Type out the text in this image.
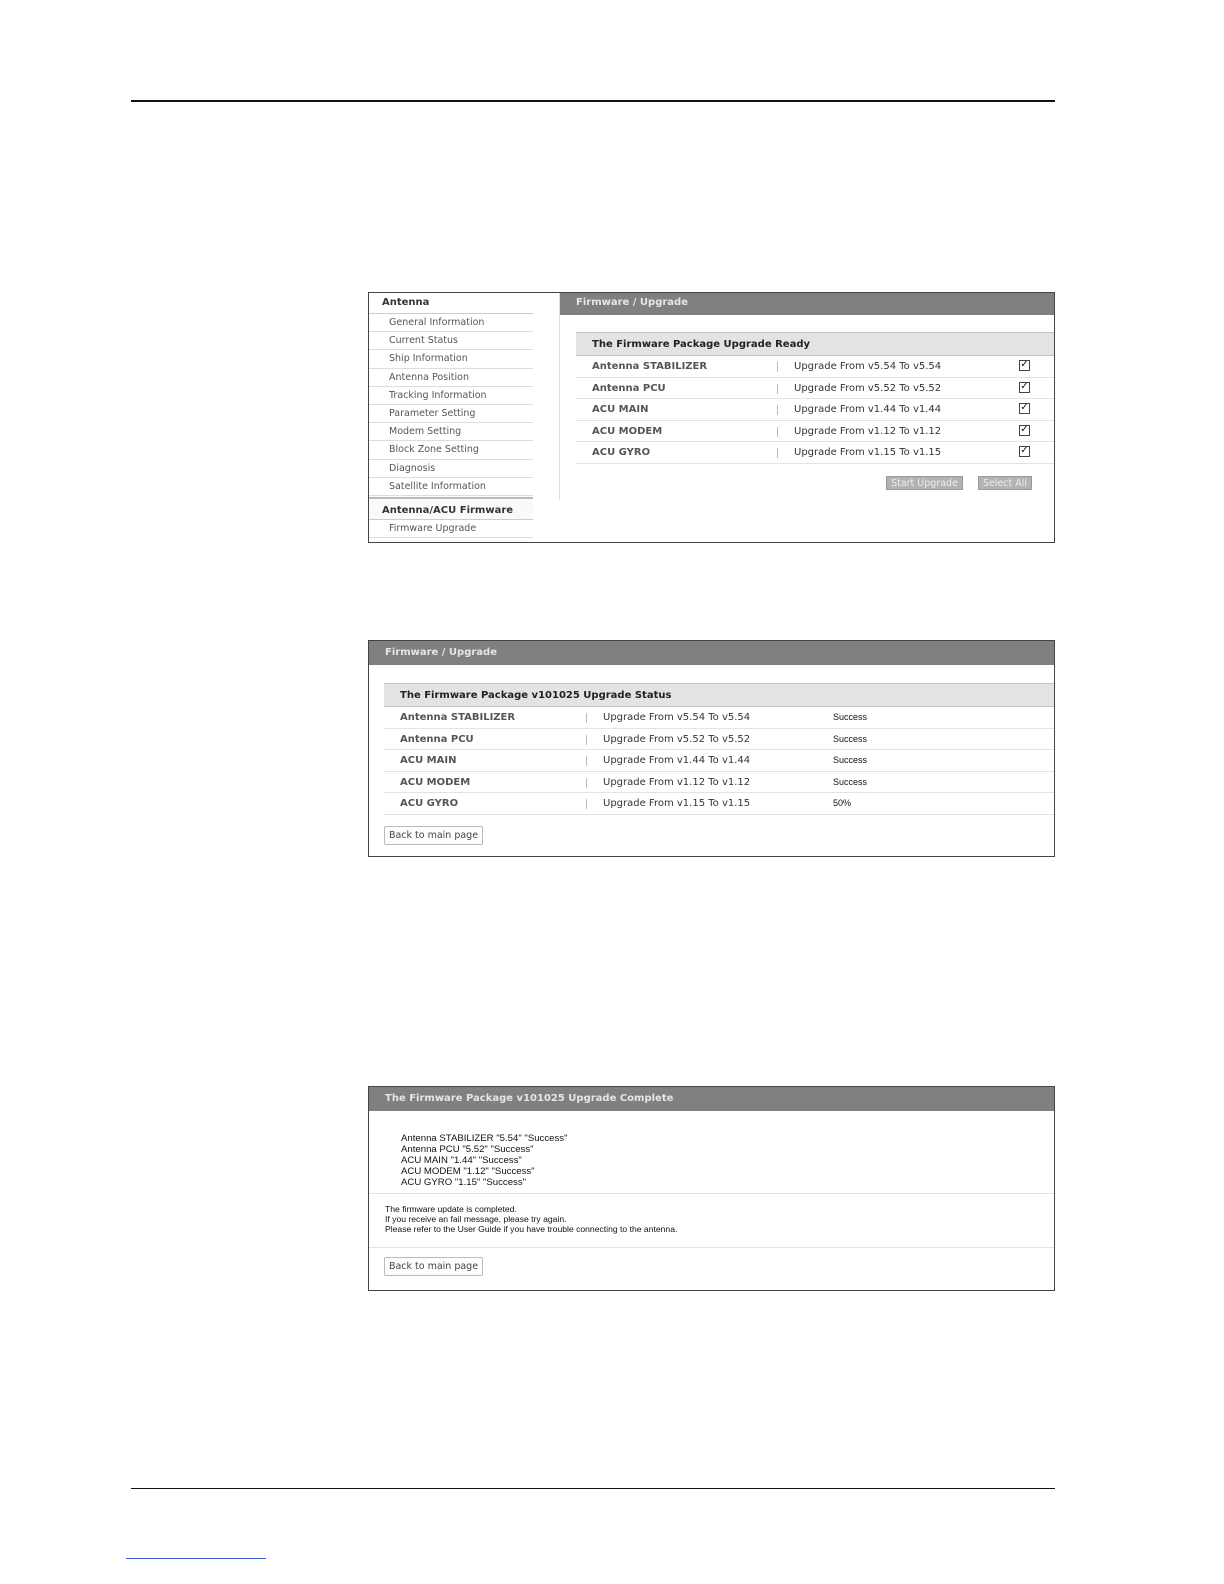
Antenna
General Information
Current Status
Ship Information
Antenna Position
Tracking Information
Parameter Setting
Modem Setting
Block Zone Setting
Diagnosis
Satellite Information
Antenna/ACU Firmware
Firmware Upgrade
Firmware / Upgrade
The Firmware Package Upgrade Ready
Antenna STABILIZER	Upgrade From v5.54 To v5.54	✓
Antenna PCU	Upgrade From v5.52 To v5.52	✓
ACU MAIN	Upgrade From v1.44 To v1.44	✓
ACU MODEM	Upgrade From v1.12 To v1.12	✓
ACU GYRO	Upgrade From v1.15 To v1.15	✓
Start Upgrade	Select All
Firmware / Upgrade
The Firmware Package v101025 Upgrade Status
Antenna STABILIZER	Upgrade From v5.54 To v5.54	Success
Antenna PCU	Upgrade From v5.52 To v5.52	Success
ACU MAIN	Upgrade From v1.44 To v1.44	Success
ACU MODEM	Upgrade From v1.12 To v1.12	Success
ACU GYRO	Upgrade From v1.15 To v1.15	50%
Back to main page
The Firmware Package v101025 Upgrade Complete
Antenna STABILIZER "5.54" "Success"
Antenna PCU "5.52" "Success"
ACU MAIN "1.44" "Success"
ACU MODEM "1.12" "Success"
ACU GYRO "1.15" "Success"
The firmware update is completed.
If you receive an fail message, please try again.
Please refer to the User Guide if you have trouble connecting to the antenna.
Back to main page
